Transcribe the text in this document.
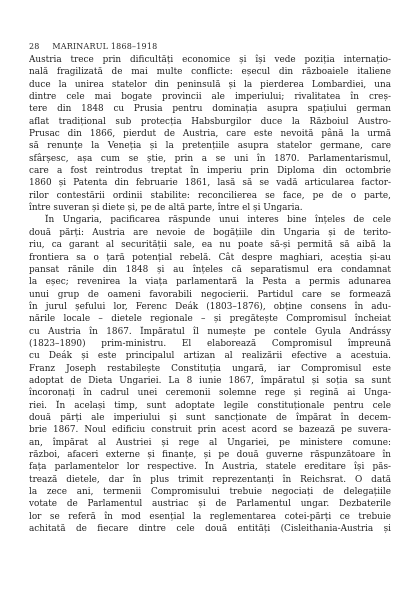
28 MARINARUL 1868–1918
Austria trece prin dificultăți economice și își vede poziția internațio-
nală fragilizată de mai multe conflicte: eșecul din războaiele italiene
duce la unirea statelor din peninsulă și la pierderea Lombardiei, una
dintre cele mai bogate provincii ale imperiului; rivalitatea în creș-
tere din 1848 cu Prusia pentru dominația asupra spațiului german
aflat tradițional sub protecția Habsburgilor duce la Războiul Austro-
Prusac din 1866, pierdut de Austria, care este nevoită până la urmă
să renunțe la Veneția și la pretențiile asupra statelor germane, care
sfârșesc, așa cum se știe, prin a se uni în 1870. Parlamentarismul,
care a fost reintrodus treptat în imperiu prin Diploma din octombrie
1860 și Patenta din februarie 1861, lasă să se vadă articularea factor-
rilor contestării ordinii stabilite: reconcilierea se face, pe de o parte,
între suveran și diete și, pe de altă parte, între el și Ungaria.
În Ungaria, pacificarea răspunde unui interes bine înțeles de cele
două părți: Austria are nevoie de bogățiile din Ungaria și de terito-
riu, ca garant al securității sale, ea nu poate să-și permită să aibă la
frontiera sa o țară potențial rebelă. Cât despre maghiari, aceștia și-au
pansat rănile din 1848 și au înțeles că separatismul era condamnat
la eșec; revenirea la viața parlamentară la Pesta a permis adunarea
unui grup de oameni favorabili negocierii. Partidul care se formează
în jurul șefului lor, Ferenc Deák (1803–1876), obține consens în adu-
nările locale – dietele regionale – și pregătește Compromisul încheiat
cu Austria în 1867. Împăratul îl numește pe contele Gyula Andrássy
(1823–1890) prim-ministru. El elaborează Compromisul împreună
cu Deák și este principalul artizan al realizării efective a acestuia.
Franz Joseph restabilește Constituția ungară, iar Compromisul este
adoptat de Dieta Ungariei. La 8 iunie 1867, împăratul și soția sa sunt
încoronați în cadrul unei ceremonii solemne rege și regină ai Unga-
riei. În același timp, sunt adoptate legile constituționale pentru cele
două părți ale imperiului și sunt sancționate de împărat în decem-
brie 1867. Noul edificiu construit prin acest acord se bazează pe suvera-
an, împărat al Austriei și rege al Ungariei, pe ministere comune:
război, afaceri externe și finanțe, și pe două guverne răspunzătoare în
fața parlamentelor lor respective. În Austria, statele ereditare își păs-
trează dietele, dar în plus trimit reprezentanți în Reichsrat. O dată
la zece ani, termenii Compromisului trebuie negociați de delegațiile
votate de Parlamentul austriac și de Parlamentul ungar. Dezbaterile
lor se referă în mod esențial la reglementarea cotei-părți ce trebuie
achitată de fiecare dintre cele două entități (Cisleithania-Austria și
